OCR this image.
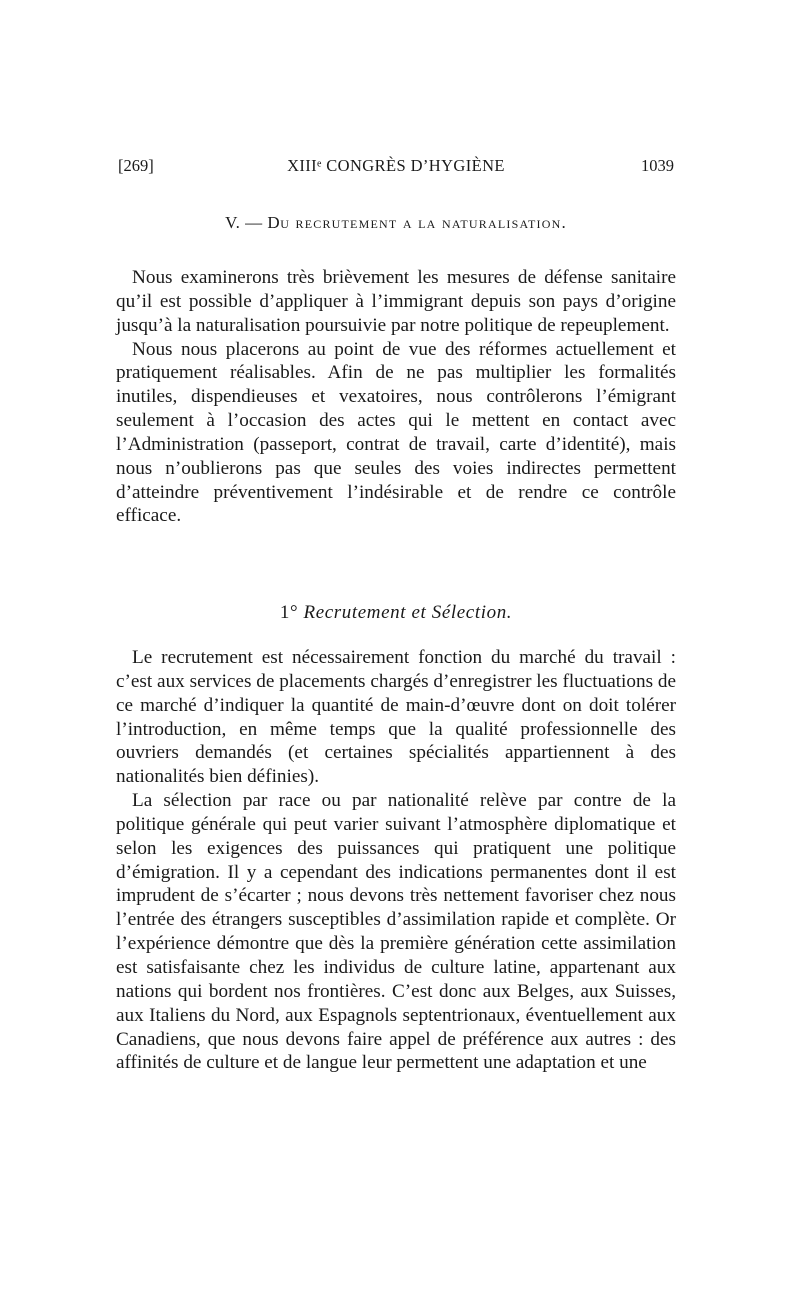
[269]	XIIIᵉ CONGRÈS D’HYGIÈNE	1039
V. — Du recrutement a la naturalisation.

Nous examinerons très brièvement les mesures de défense sanitaire qu’il est possible d’appliquer à l’immigrant depuis son pays d’origine jusqu’à la naturalisation poursuivie par notre politique de repeuplement.

Nous nous placerons au point de vue des réformes actuellement et pratiquement réalisables. Afin de ne pas multiplier les formalités inutiles, dispendieuses et vexatoires, nous contrôlerons l’émigrant seulement à l’occasion des actes qui le mettent en contact avec l’Administration (passeport, contrat de travail, carte d’identité), mais nous n’oublierons pas que seules des voies indirectes permettent d’atteindre préventivement l’indésirable et de rendre ce contrôle efficace.

1° Recrutement et Sélection.

Le recrutement est nécessairement fonction du marché du travail : c’est aux services de placements chargés d’enregistrer les fluctuations de ce marché d’indiquer la quantité de main-d’œuvre dont on doit tolérer l’introduction, en même temps que la qualité professionnelle des ouvriers demandés (et certaines spécialités appartiennent à des nationalités bien définies).

La sélection par race ou par nationalité relève par contre de la politique générale qui peut varier suivant l’atmosphère diplomatique et selon les exigences des puissances qui pratiquent une politique d’émigration. Il y a cependant des indications permanentes dont il est imprudent de s’écarter ; nous devons très nettement favoriser chez nous l’entrée des étrangers susceptibles d’assimilation rapide et complète. Or l’expérience démontre que dès la première génération cette assimilation est satisfaisante chez les individus de culture latine, appartenant aux nations qui bordent nos frontières. C’est donc aux Belges, aux Suisses, aux Italiens du Nord, aux Espagnols septentrionaux, éventuellement aux Canadiens, que nous devons faire appel de préférence aux autres : des affinités de culture et de langue leur permettent une adaptation et une
